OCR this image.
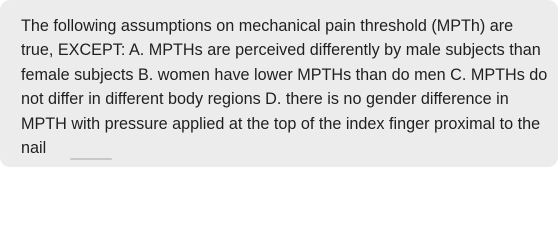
The following assumptions on mechanical pain threshold (MPTh) are true, EXCEPT: A. MPTHs are perceived differently by male subjects than female subjects B. women have lower MPTHs than do men C. MPTHs do not differ in different body regions D. there is no gender difference in MPTH with pressure applied at the top of the index finger proximal to the nail
